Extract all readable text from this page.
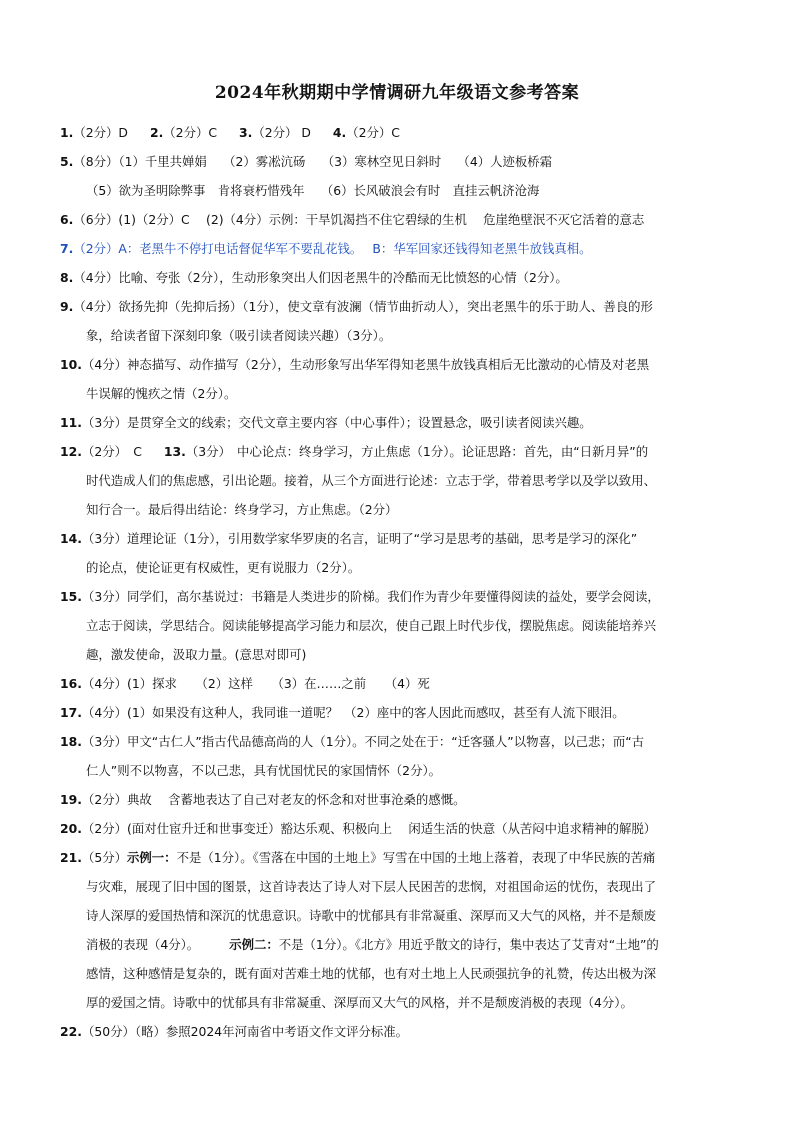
2024年秋期期中学情调研九年级语文参考答案
1.（2分）D 2.（2分）C 3.（2分） D 4.（2分）C
5.（8分）（1）千里共婵娟　 （2）雾凇沆砀　 （3）寒林空见日斜时　 （4）人迹板桥霜
（5）欲为圣明除弊事　肯将衰朽惜残年　 （6）长风破浪会有时　直挂云帆济沧海
6.（6分）(1)（2分）C　 (2)（4分）示例：干旱饥渴挡不住它碧绿的生机　 危崖绝壁泯不灭它活着的意志
7.（2分）A：老黑牛不停打电话督促华军不要乱花钱。　 B：华军回家还钱得知老黑牛放钱真相。
8.（4分）比喻、夸张（2分），生动形象突出人们因老黑牛的冷酷而无比愤怒的心情（2分）。
9.（4分）欲扬先抑（先抑后扬）（1分），使文章有波澜（情节曲折动人），突出老黑牛的乐于助人、善良的形
象，给读者留下深刻印象（吸引读者阅读兴趣）（3分）。
10.（4分）神态描写、动作描写（2分），生动形象写出华军得知老黑牛放钱真相后无比激动的心情及对老黑
牛误解的愧疚之情（2分）。
11.（3分）是贯穿全文的线索；交代文章主要内容（中心事件）；设置悬念，吸引读者阅读兴趣。
12.（2分）　C 13.（3分）　中心论点：终身学习，方止焦虑（1分）。论证思路：首先，由“日新月异”的
时代造成人们的焦虑感，引出论题。接着，从三个方面进行论述：立志于学，带着思考学以及学以致用、
知行合一。最后得出结论：终身学习，方止焦虑。（2分）
14.（3分）道理论证（1分），引用数学家华罗庚的名言，证明了“学习是思考的基础，思考是学习的深化”
的论点，使论证更有权威性，更有说服力（2分）。
15.（3分）同学们，高尔基说过：书籍是人类进步的阶梯。我们作为青少年要懂得阅读的益处，要学会阅读，
立志于阅读，学思结合。阅读能够提高学习能力和层次，使自己跟上时代步伐，摆脱焦虑。阅读能培养兴
趣，激发使命，汲取力量。(意思对即可)
16.（4分）(1）探求　　（2）这样　　（3）在……之前　　（4）死
17.（4分）(1）如果没有这种人，我同谁一道呢？　（2）座中的客人因此而感叹，甚至有人流下眼泪。
18.（3分）甲文“古仁人”指古代品德高尚的人（1分）。不同之处在于：“迁客骚人”以物喜，以己悲；而“古
仁人”则不以物喜，不以己悲，具有忧国忧民的家国情怀（2分）。
19.（2分）典故　 含蓄地表达了自己对老友的怀念和对世事沧桑的感慨。
20.（2分）(面对仕宦升迁和世事变迁）豁达乐观、积极向上　 闲适生活的快意（从苦闷中追求精神的解脱）
21.（5分）示例一：不是（1分）。《雪落在中国的土地上》写雪在中国的土地上落着，表现了中华民族的苦痛
与灾难，展现了旧中国的图景，这首诗表达了诗人对下层人民困苦的悲悯，对祖国命运的忧伤，表现出了
诗人深厚的爱国热情和深沉的忧患意识。诗歌中的忧郁具有非常凝重、深厚而又大气的风格，并不是颓废
消极的表现（4分）。 示例二：不是（1分）。《北方》用近乎散文的诗行，集中表达了艾青对“土地”的
感情，这种感情是复杂的，既有面对苦难土地的忧郁，也有对土地上人民顽强抗争的礼赞，传达出极为深
厚的爱国之情。诗歌中的忧郁具有非常凝重、深厚而又大气的风格，并不是颓废消极的表现（4分）。
22.（50分）（略）参照2024年河南省中考语文作文评分标准。
